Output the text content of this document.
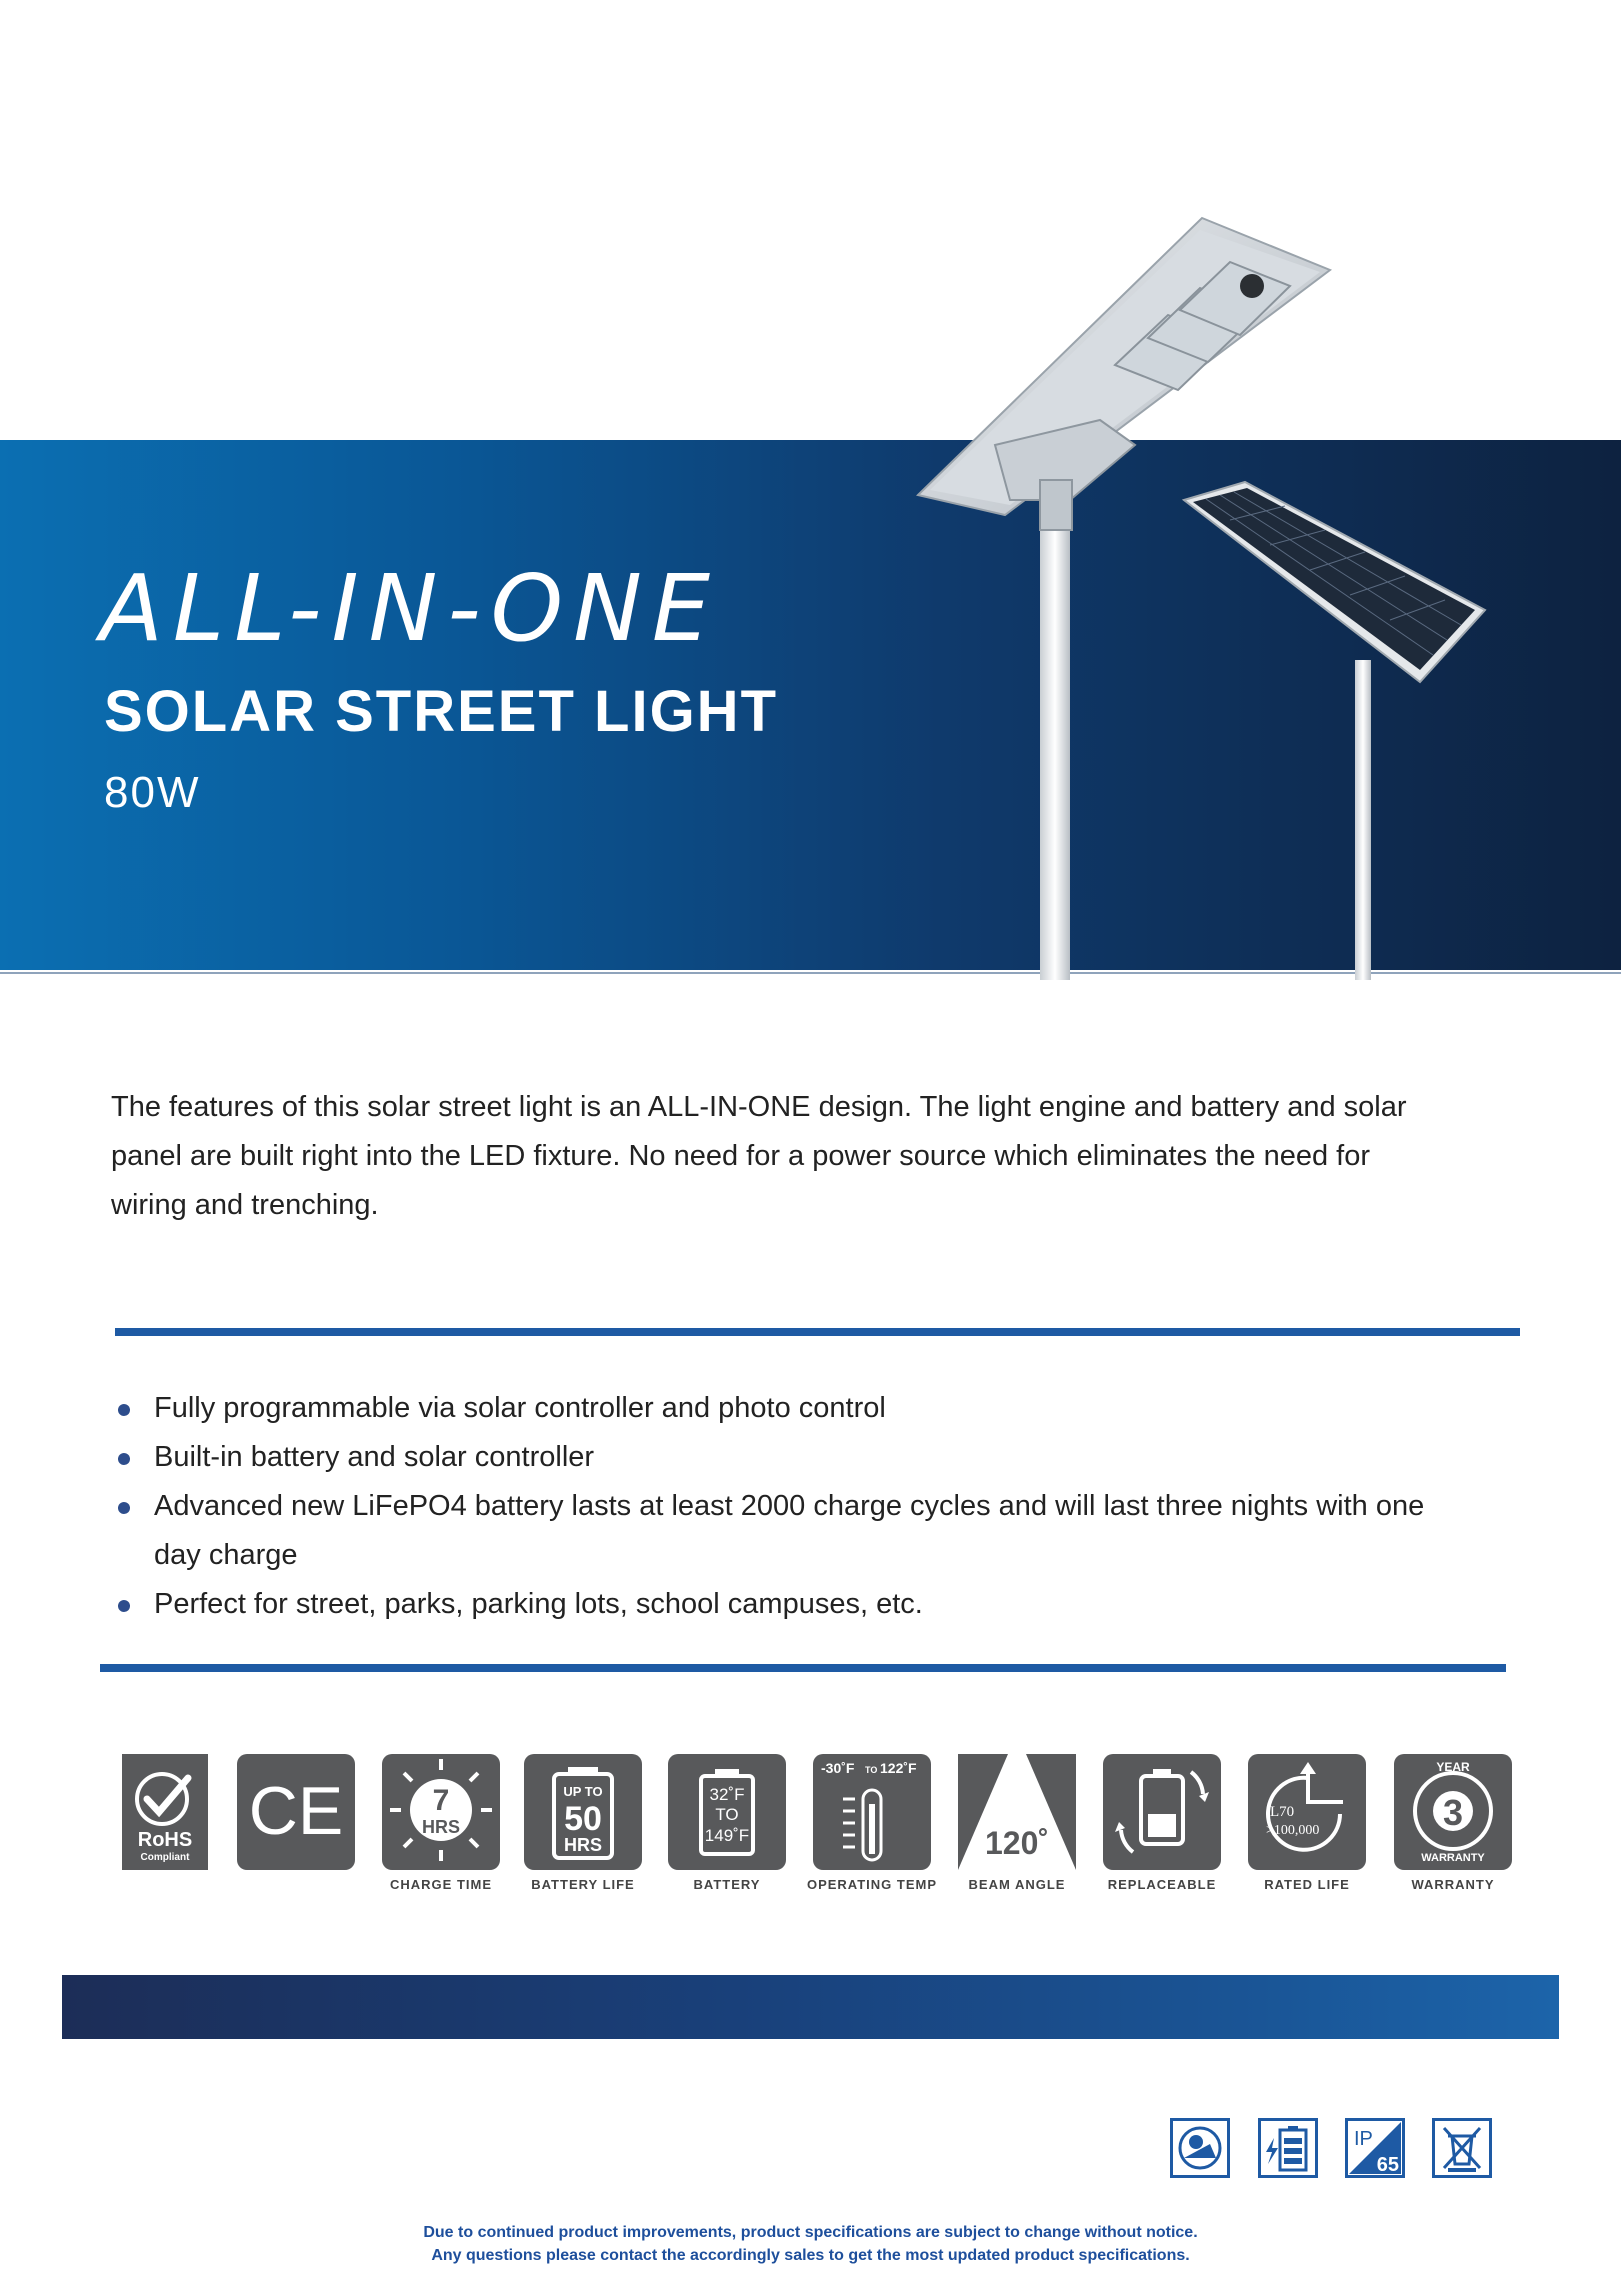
ALL-IN-ONE
SOLAR STREET LIGHT
80W
The features of this solar street light is an ALL-IN-ONE design. The light engine and battery and solar panel are built right into the LED fixture. No need for a power source which eliminates the need for wiring and trenching.
Fully programmable via solar controller and photo control
Built-in battery and solar controller
Advanced new LiFePO4 battery lasts at least 2000 charge cycles and will last three nights with one day charge
Perfect for street, parks, parking lots, school campuses, etc.
RoHS
Compliant
CE	7
HRS
CHARGE TIME
UP TO
50
HRS
BATTERY LIFE
32˚F
TO
149˚F
BATTERY
-30˚F TO 122˚F
OPERATING TEMP
120˚
BEAM ANGLE	REPLACEABLE
L70
>100,000
RATED LIFE
3
YEAR
WARRANTY
WARRANTY
IP
65
Due to continued product improvements, product specifications are subject to change without notice.
Any questions please contact the accordingly sales to get the most updated product specifications.
